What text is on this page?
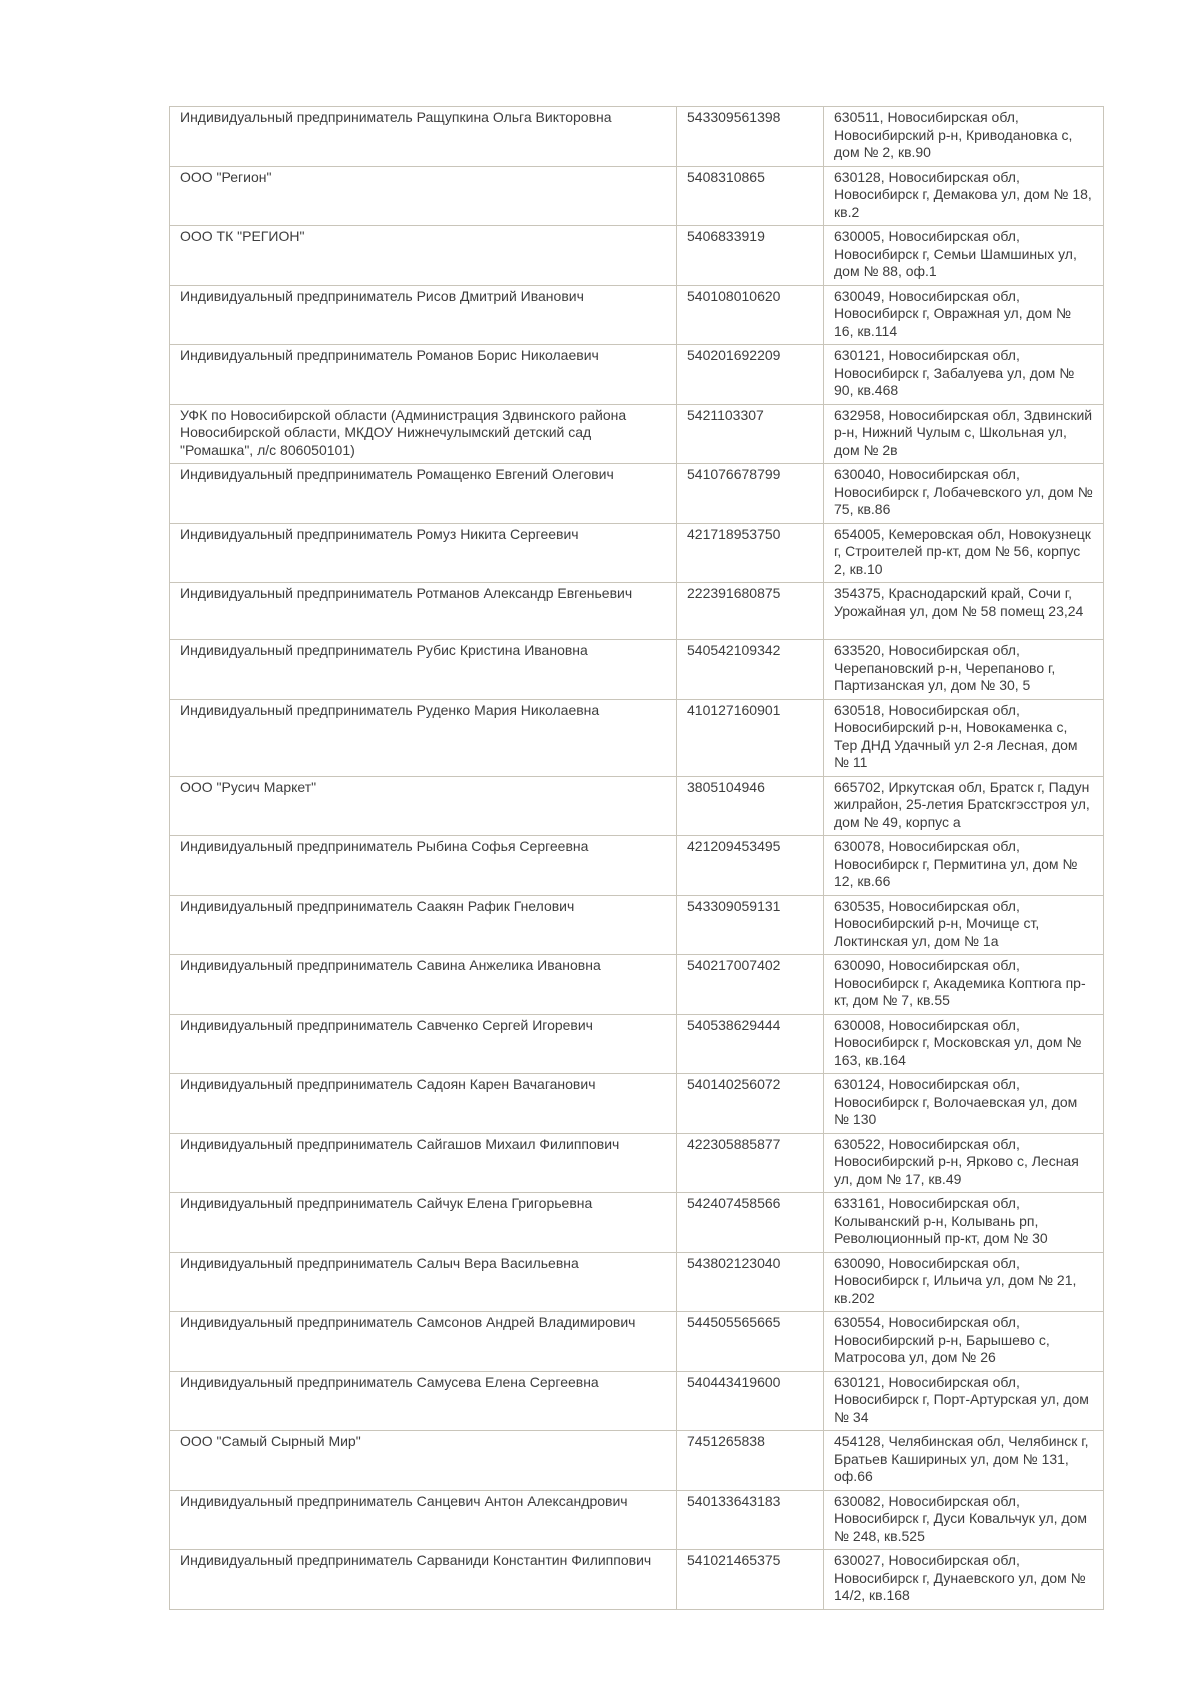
Индивидуальный предприниматель Ращупкина Ольга Викторовна	543309561398	630511, Новосибирская обл, Новосибирский р-н, Криводановка с, дом № 2, кв.90
ООО "Регион"	5408310865	630128, Новосибирская обл, Новосибирск г, Демакова ул, дом № 18, кв.2
ООО ТК "РЕГИОН"	5406833919	630005, Новосибирская обл, Новосибирск г, Семьи Шамшиных ул, дом № 88, оф.1
Индивидуальный предприниматель Рисов Дмитрий Иванович	540108010620	630049, Новосибирская обл, Новосибирск г, Овражная ул, дом № 16, кв.114
Индивидуальный предприниматель Романов Борис Николаевич	540201692209	630121, Новосибирская обл, Новосибирск г, Забалуева ул, дом № 90, кв.468
УФК по Новосибирской области (Администрация Здвинского района Новосибирской области, МКДОУ Нижнечулымский детский сад "Ромашка", л/с 806050101)	5421103307	632958, Новосибирская обл, Здвинский р-н, Нижний Чулым с, Школьная ул, дом № 2в
Индивидуальный предприниматель Ромащенко Евгений Олегович	541076678799	630040, Новосибирская обл, Новосибирск г, Лобачевского ул, дом № 75, кв.86
Индивидуальный предприниматель Ромуз Никита Сергеевич	421718953750	654005, Кемеровская обл, Новокузнецк г, Строителей пр-кт, дом № 56, корпус 2, кв.10
Индивидуальный предприниматель Ротманов Александр Евгеньевич	222391680875	354375, Краснодарский край, Сочи г, Урожайная ул, дом № 58 помещ 23,24
Индивидуальный предприниматель Рубис Кристина Ивановна	540542109342	633520, Новосибирская обл, Черепановский р-н, Черепаново г, Партизанская ул, дом № 30, 5
Индивидуальный предприниматель Руденко Мария Николаевна	410127160901	630518, Новосибирская обл, Новосибирский р-н, Новокаменка с, Тер ДНД Удачный ул 2-я Лесная, дом № 11
ООО "Русич Маркет"	3805104946	665702, Иркутская обл, Братск г, Падун жилрайон, 25-летия Братскгэсстроя ул, дом № 49, корпус а
Индивидуальный предприниматель Рыбина Софья Сергеевна	421209453495	630078, Новосибирская обл, Новосибирск г, Пермитина ул, дом № 12, кв.66
Индивидуальный предприниматель Саакян Рафик Гнелович	543309059131	630535, Новосибирская обл, Новосибирский р-н, Мочище ст, Локтинская ул, дом № 1а
Индивидуальный предприниматель Савина Анжелика Ивановна	540217007402	630090, Новосибирская обл, Новосибирск г, Академика Коптюга пр-кт, дом № 7, кв.55
Индивидуальный предприниматель Савченко Сергей Игоревич	540538629444	630008, Новосибирская обл, Новосибирск г, Московская ул, дом № 163, кв.164
Индивидуальный предприниматель Садоян Карен Вачаганович	540140256072	630124, Новосибирская обл, Новосибирск г, Волочаевская ул, дом № 130
Индивидуальный предприниматель Сайгашов Михаил Филиппович	422305885877	630522, Новосибирская обл, Новосибирский р-н, Ярково с, Лесная ул, дом № 17, кв.49
Индивидуальный предприниматель Сайчук Елена Григорьевна	542407458566	633161, Новосибирская обл, Колыванский р-н, Колывань рп, Революционный пр-кт, дом № 30
Индивидуальный предприниматель Салыч Вера Васильевна	543802123040	630090, Новосибирская обл, Новосибирск г, Ильича ул, дом № 21, кв.202
Индивидуальный предприниматель Самсонов Андрей Владимирович	544505565665	630554, Новосибирская обл, Новосибирский р-н, Барышево с, Матросова ул, дом № 26
Индивидуальный предприниматель Самусева Елена Сергеевна	540443419600	630121, Новосибирская обл, Новосибирск г, Порт-Артурская ул, дом № 34
ООО "Самый Сырный Мир"	7451265838	454128, Челябинская обл, Челябинск г, Братьев Кашириных ул, дом № 131, оф.66
Индивидуальный предприниматель Санцевич Антон Александрович	540133643183	630082, Новосибирская обл, Новосибирск г, Дуси Ковальчук ул, дом № 248, кв.525
Индивидуальный предприниматель Сарваниди Константин Филиппович	541021465375	630027, Новосибирская обл, Новосибирск г, Дунаевского ул, дом № 14/2, кв.168
